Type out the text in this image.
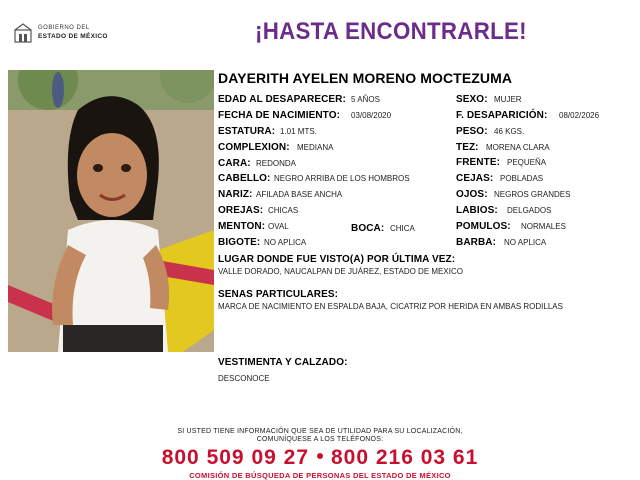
GOBIERNO DEL
ESTADO DE MÉXICO	¡HASTA ENCONTRARLE!
DAYERITH AYELEN MORENO MOCTEZUMA
EDAD AL DESAPARECER: 5 AÑOS
FECHA DE NACIMIENTO: 03/08/2020
ESTATURA: 1.01 MTS.
COMPLEXION: MEDIANA
CARA: REDONDA
CABELLO: NEGRO ARRIBA DE LOS HOMBROS
NARIZ: AFILADA BASE ANCHA
OREJAS: CHICAS
MENTON: OVAL	BOCA: CHICA
BIGOTE: NO APLICA
SEXO: MUJER
F. DESAPARICIÓN: 08/02/2026
PESO: 46 KGS.
TEZ: MORENA CLARA
FRENTE: PEQUEÑA
CEJAS: POBLADAS
OJOS: NEGROS GRANDES
LABIOS: DELGADOS
POMULOS: NORMALES
BARBA: NO APLICA
LUGAR DONDE FUE VISTO(A) POR ÚLTIMA VEZ:
VALLE DORADO, NAUCALPAN DE JUÁREZ, ESTADO DE MEXICO
SENAS PARTICULARES:
MARCA DE NACIMIENTO EN ESPALDA BAJA, CICATRIZ POR HERIDA EN AMBAS RODILLAS
VESTIMENTA Y CALZADO:
DESCONOCE
SI USTED TIENE INFORMACIÓN QUE SEA DE UTILIDAD PARA SU LOCALIZACIÓN,
COMUNÍQUESE A LOS TELÉFONOS:
800 509 09 27 800 216 03 61
COMISIÓN DE BÚSQUEDA DE PERSONAS DEL ESTADO DE MÉXICO
